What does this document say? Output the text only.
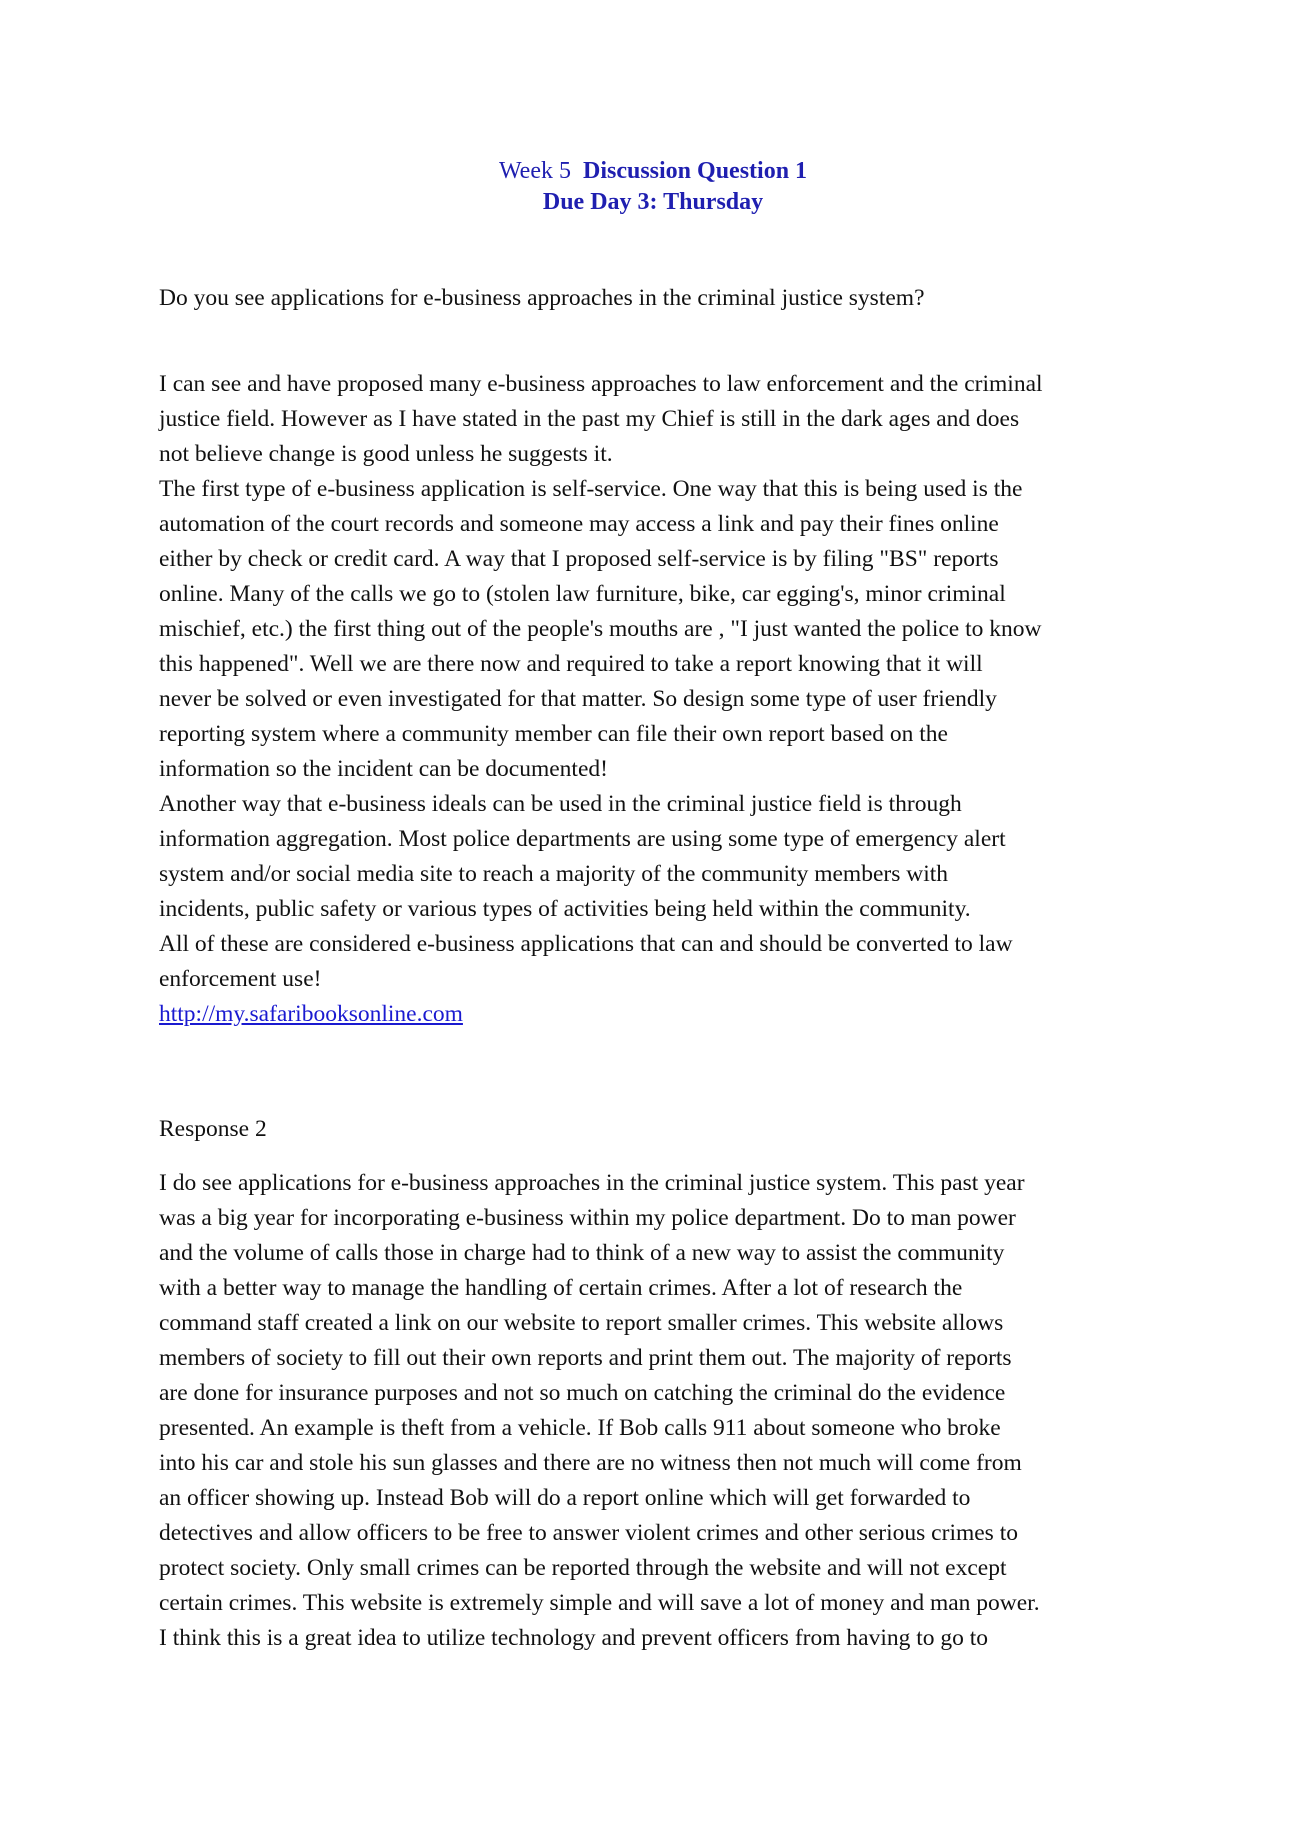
Week 5 Discussion Question 1
Due Day 3: Thursday
Do you see applications for e-business approaches in the criminal justice system?
I can see and have proposed many e-business approaches to law enforcement and the criminal
justice field. However as I have stated in the past my Chief is still in the dark ages and does
not believe change is good unless he suggests it.
The first type of e-business application is self-service. One way that this is being used is the
automation of the court records and someone may access a link and pay their fines online
either by check or credit card. A way that I proposed self-service is by filing "BS" reports
online. Many of the calls we go to (stolen law furniture, bike, car egging's, minor criminal
mischief, etc.) the first thing out of the people's mouths are , "I just wanted the police to know
this happened". Well we are there now and required to take a report knowing that it will
never be solved or even investigated for that matter. So design some type of user friendly
reporting system where a community member can file their own report based on the
information so the incident can be documented!
Another way that e-business ideals can be used in the criminal justice field is through
information aggregation. Most police departments are using some type of emergency alert
system and/or social media site to reach a majority of the community members with
incidents, public safety or various types of activities being held within the community.
All of these are considered e-business applications that can and should be converted to law
enforcement use!
http://my.safaribooksonline.com
Response 2
I do see applications for e-business approaches in the criminal justice system. This past year
was a big year for incorporating e-business within my police department. Do to man power
and the volume of calls those in charge had to think of a new way to assist the community
with a better way to manage the handling of certain crimes. After a lot of research the
command staff created a link on our website to report smaller crimes. This website allows
members of society to fill out their own reports and print them out. The majority of reports
are done for insurance purposes and not so much on catching the criminal do the evidence
presented. An example is theft from a vehicle. If Bob calls 911 about someone who broke
into his car and stole his sun glasses and there are no witness then not much will come from
an officer showing up. Instead Bob will do a report online which will get forwarded to
detectives and allow officers to be free to answer violent crimes and other serious crimes to
protect society. Only small crimes can be reported through the website and will not except
certain crimes. This website is extremely simple and will save a lot of money and man power.
I think this is a great idea to utilize technology and prevent officers from having to go to
